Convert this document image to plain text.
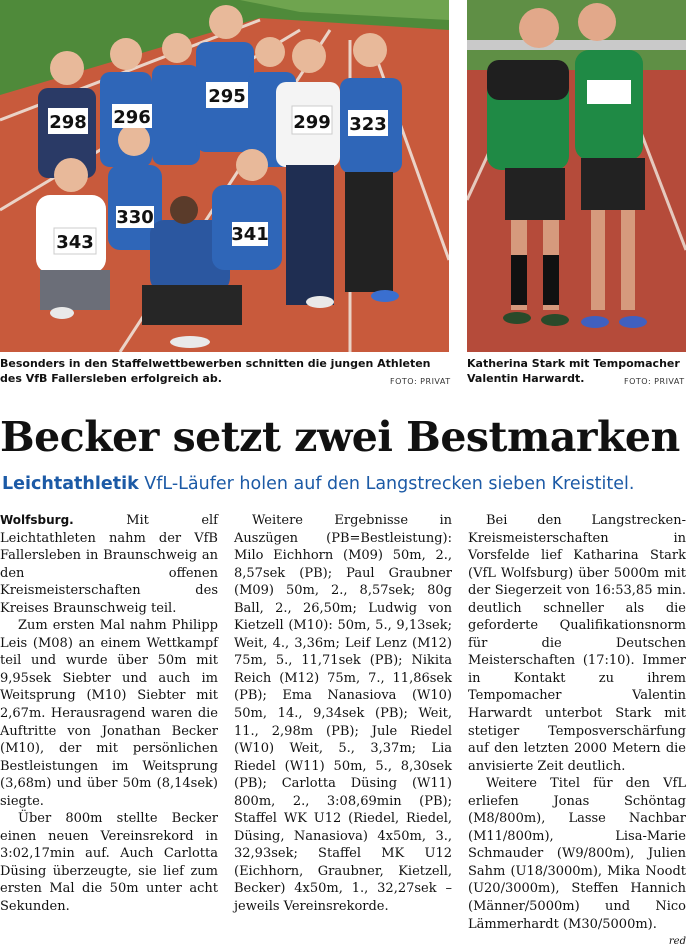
298 296
295
299 323
343
330
341
Besonders in den Staffelwettbewerben schnitten die jungen Athleten des VfB Fallersleben erfolgreich ab.	FOTO: PRIVAT
Katherina Stark mit Tempomacher Valentin Harwardt.	FOTO: PRIVAT
Becker setzt zwei Bestmarken
Leichtathletik VfL-Läufer holen auf den Langstrecken sieben Kreistitel.

Wolfsburg.	Mit elf Leichtathleten nahm der VfB Fallersleben in Braunschweig an den offenen Kreismeisterschaften des Kreises Braunschweig teil.

Zum ersten Mal nahm Philipp Leis (M08) an einem Wettkampf teil und wurde über 50m mit 9,95sek Siebter und auch im Weitsprung (M10) Siebter mit 2,67m. Herausragend waren die Auftritte von Jonathan Becker (M10), der mit persönlichen Bestleistungen im Weitsprung (3,68m) und über 50m (8,14sek) siegte.

Über 800m stellte Becker einen neuen Vereinsrekord in 3:02,17min auf. Auch Carlotta Düsing überzeugte, sie lief zum ersten Mal die 50m unter acht Sekunden.

Weitere Ergebnisse in Auszügen (PB=Bestleistung): Milo Eichhorn (M09) 50m, 2., 8,57sek (PB); Paul Graubner (M09) 50m, 2., 8,57sek; 80g Ball, 2., 26,50m; Ludwig von Kietzell (M10): 50m, 5., 9,13sek; Weit, 4., 3,36m; Leif Lenz (M12) 75m, 5., 11,71sek (PB); Nikita Reich (M12) 75m, 7., 11,86sek (PB); Ema Nanasiova (W10) 50m, 14., 9,34sek (PB); Weit, 11., 2,98m (PB); Jule Riedel (W10) Weit, 5., 3,37m; Lia Riedel (W11) 50m, 5., 8,30sek (PB); Carlotta Düsing (W11) 800m, 2., 3:08,69min (PB); Staffel WK U12 (Riedel, Riedel, Düsing, Nanasiova) 4x50m, 3., 32,93sek; Staffel MK U12 (Eichhorn, Graubner, Kietzell, Becker) 4x50m, 1., 32,27sek – jeweils Vereinsrekorde.

Bei den Langstrecken-Kreismeisterschaften in Vorsfelde lief Katharina Stark (VfL Wolfsburg) über 5000m mit der Siegerzeit von 16:53,85 min. deutlich schneller als die geforderte Qualifikationsnorm für die Deutschen Meisterschaften (17:10). Immer in Kontakt zu ihrem Tempomacher Valentin Harwardt unterbot Stark mit stetiger Temposverschärfung auf den letzten 2000 Metern die anvisierte Zeit deutlich.

Weitere Titel für den VfL erliefen Jonas Schöntag (M8/800m), Lasse Nachbar (M11/800m), Lisa-Marie Schmauder (W9/800m), Julien Sahm (U18/3000m), Mika Noodt (U20/3000m), Steffen Hannich (Männer/5000m) und Nico Lämmerhardt (M30/5000m).
red
